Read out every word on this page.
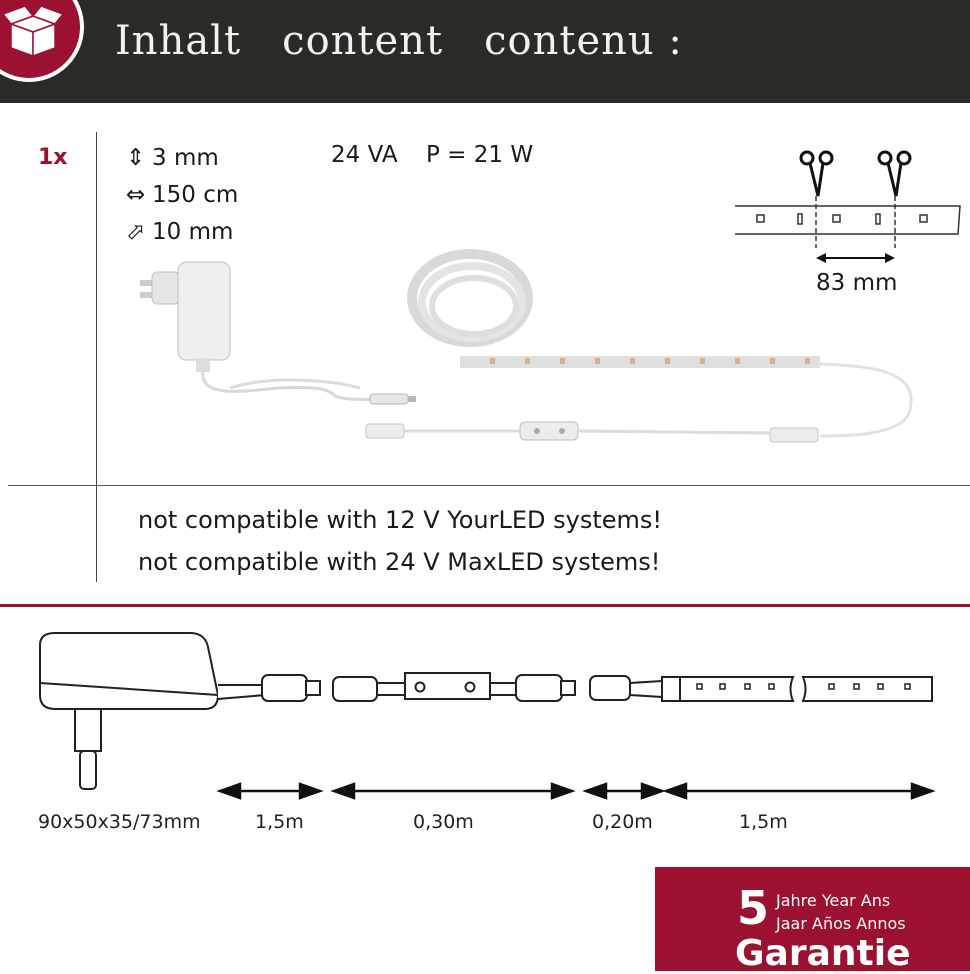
Inhalt   content   contenu :
1x	⇕ 3 mm
⇔ 150 cm
⬀ 10 mm
24 VA P = 21 W
83 mm
not compatible with 12 V YourLED systems!
not compatible with 24 V MaxLED systems!
90x50x35/73mm	1,5m	0,30m	0,20m	1,5m
5 Jahre Year Ans
Jaar Años Annos
Garantie
